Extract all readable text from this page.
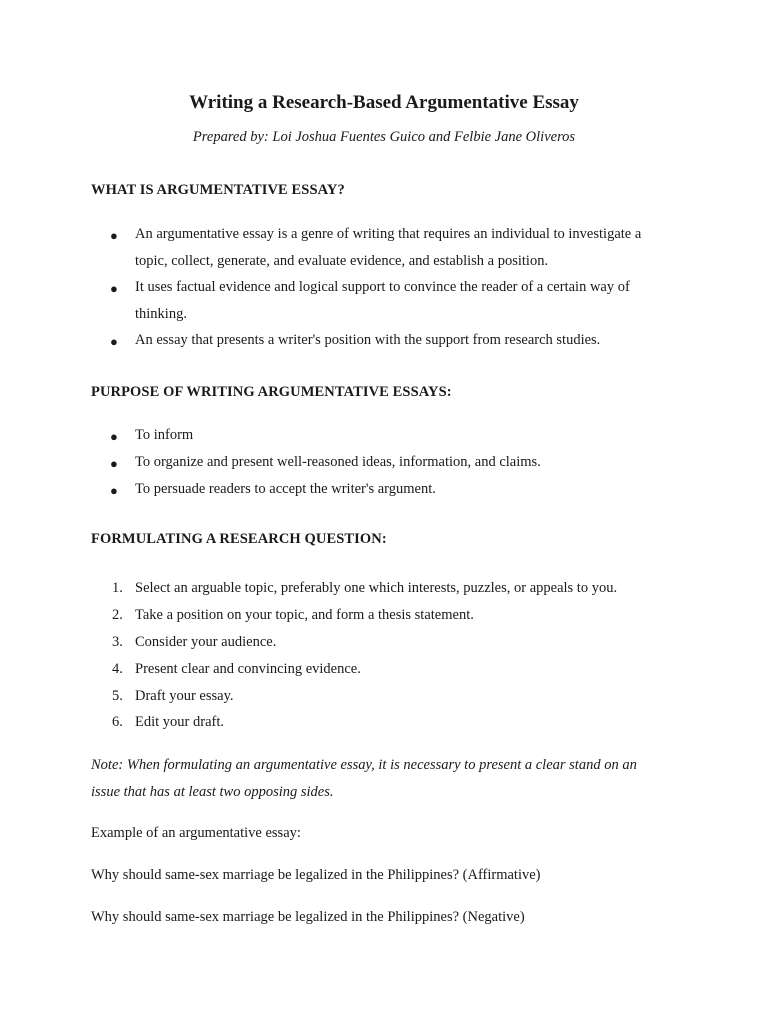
Writing a Research-Based Argumentative Essay

Prepared by: Loi Joshua Fuentes Guico and Felbie Jane Oliveros

WHAT IS ARGUMENTATIVE ESSAY?

● An argumentative essay is a genre of writing that requires an individual to investigate a

topic, collect, generate, and evaluate evidence, and establish a position.

● It uses factual evidence and logical support to convince the reader of a certain way of

thinking.

● An essay that presents a writer's position with the support from research studies.

PURPOSE OF WRITING ARGUMENTATIVE ESSAYS:

● To inform

● To organize and present well-reasoned ideas, information, and claims.

● To persuade readers to accept the writer's argument.

FORMULATING A RESEARCH QUESTION:

1. Select an arguable topic, preferably one which interests, puzzles, or appeals to you.

2. Take a position on your topic, and form a thesis statement.

3. Consider your audience.

4. Present clear and convincing evidence.

5. Draft your essay.

6. Edit your draft.

Note: When formulating an argumentative essay, it is necessary to present a clear stand on an

issue that has at least two opposing sides.

Example of an argumentative essay:

Why should same-sex marriage be legalized in the Philippines? (Affirmative)

Why should same-sex marriage be legalized in the Philippines? (Negative)
